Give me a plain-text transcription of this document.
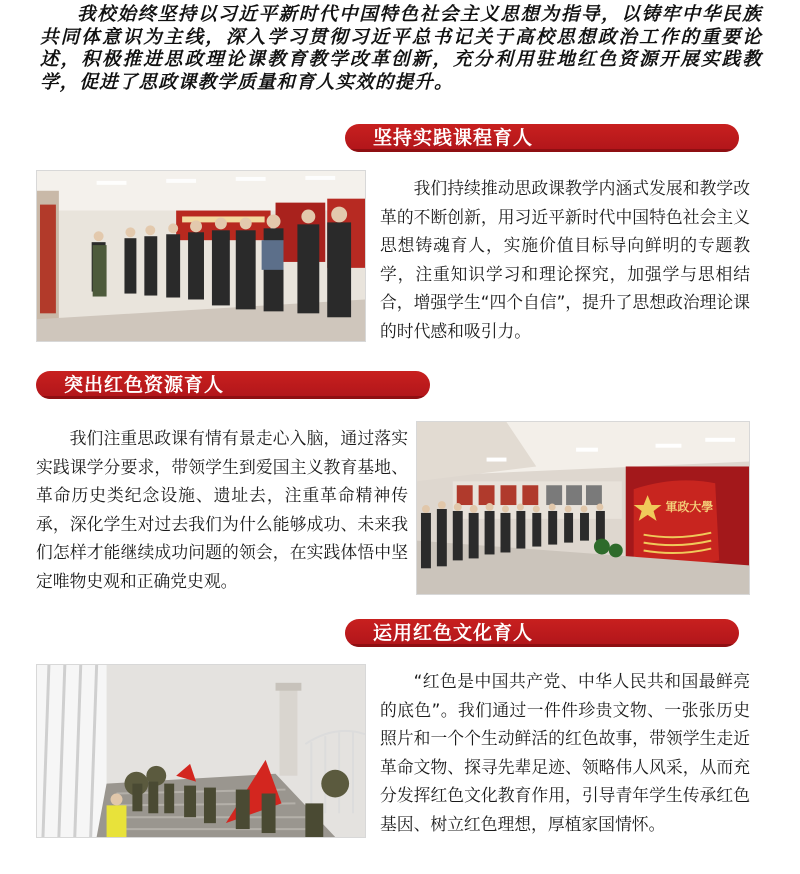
我校始终坚持以习近平新时代中国特色社会主义思想为指导，以铸牢中华民族共同体意识为主线，深入学习贯彻习近平总书记关于高校思想政治工作的重要论述，积极推进思政理论课教育教学改革创新，充分利用驻地红色资源开展实践教学，促进了思政课教学质量和育人实效的提升。

坚持实践课程育人

我们持续推动思政课教学内涵式发展和教学改革的不断创新，用习近平新时代中国特色社会主义思想铸魂育人，实施价值目标导向鲜明的专题教学，注重知识学习和理论探究，加强学与思相结合，增强学生“四个自信”，提升了思想政治理论课的时代感和吸引力。

突出红色资源育人

我们注重思政课有情有景走心入脑，通过落实实践课学分要求，带领学生到爱国主义教育基地、革命历史类纪念设施、遗址去，注重革命精神传承，深化学生对过去我们为什么能够成功、未来我们怎样才能继续成功问题的领会，在实践体悟中坚定唯物史观和正确党史观。

軍政大學
运用红色文化育人

“红色是中国共产党、中华人民共和国最鲜亮的底色”。我们通过一件件珍贵文物、一张张历史照片和一个个生动鲜活的红色故事，带领学生走近革命文物、探寻先辈足迹、领略伟人风采，从而充分发挥红色文化教育作用，引导青年学生传承红色基因、树立红色理想，厚植家国情怀。
